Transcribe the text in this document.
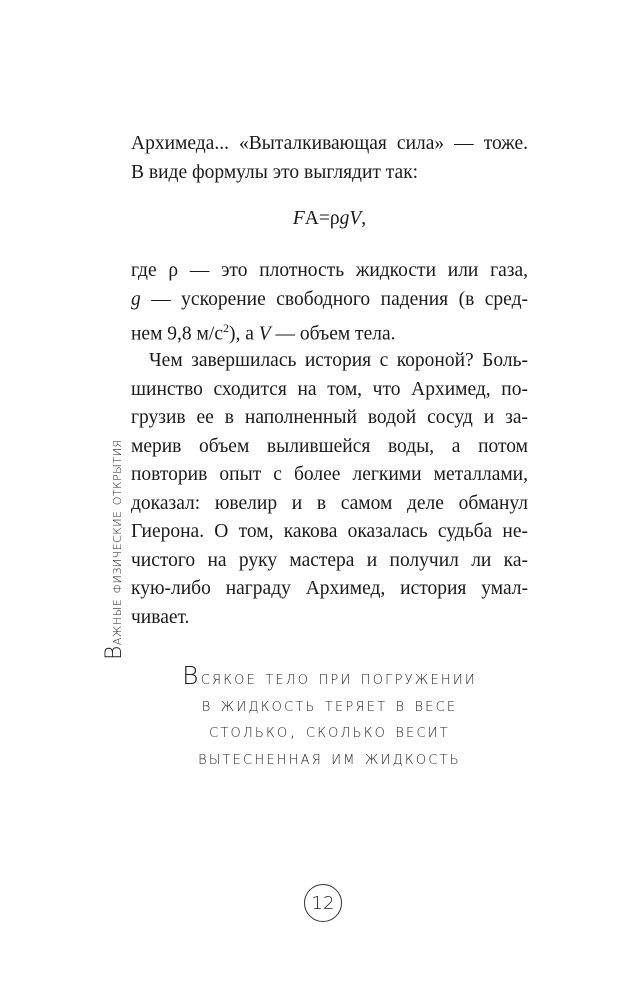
Важные физические открытия
Архимеда... «Выталкивающая сила» — тоже.
В виде формулы это выглядит так:
FА=ρgV,
где ρ — это плотность жидкости или газа,
g — ускорение свободного падения (в сред-
нем 9,8 $м/с^2$), а V — объем тела.
Чем завершилась история с короной? Боль-
шинство сходится на том, что Архимед, по-
грузив ее в наполненный водой сосуд и за-
мерив объем вылившейся воды, а потом
повторив опыт с более легкими металлами,
доказал: ювелир и в самом деле обманул
Гиерона. О том, какова оказалась судьба не-
чистого на руку мастера и получил ли ка-
кую-либо награду Архимед, история умал-
чивает.
Всякое тело при погружении
в жидкость теряет в весе
столько, сколько весит
вытесненная им жидкость
12
